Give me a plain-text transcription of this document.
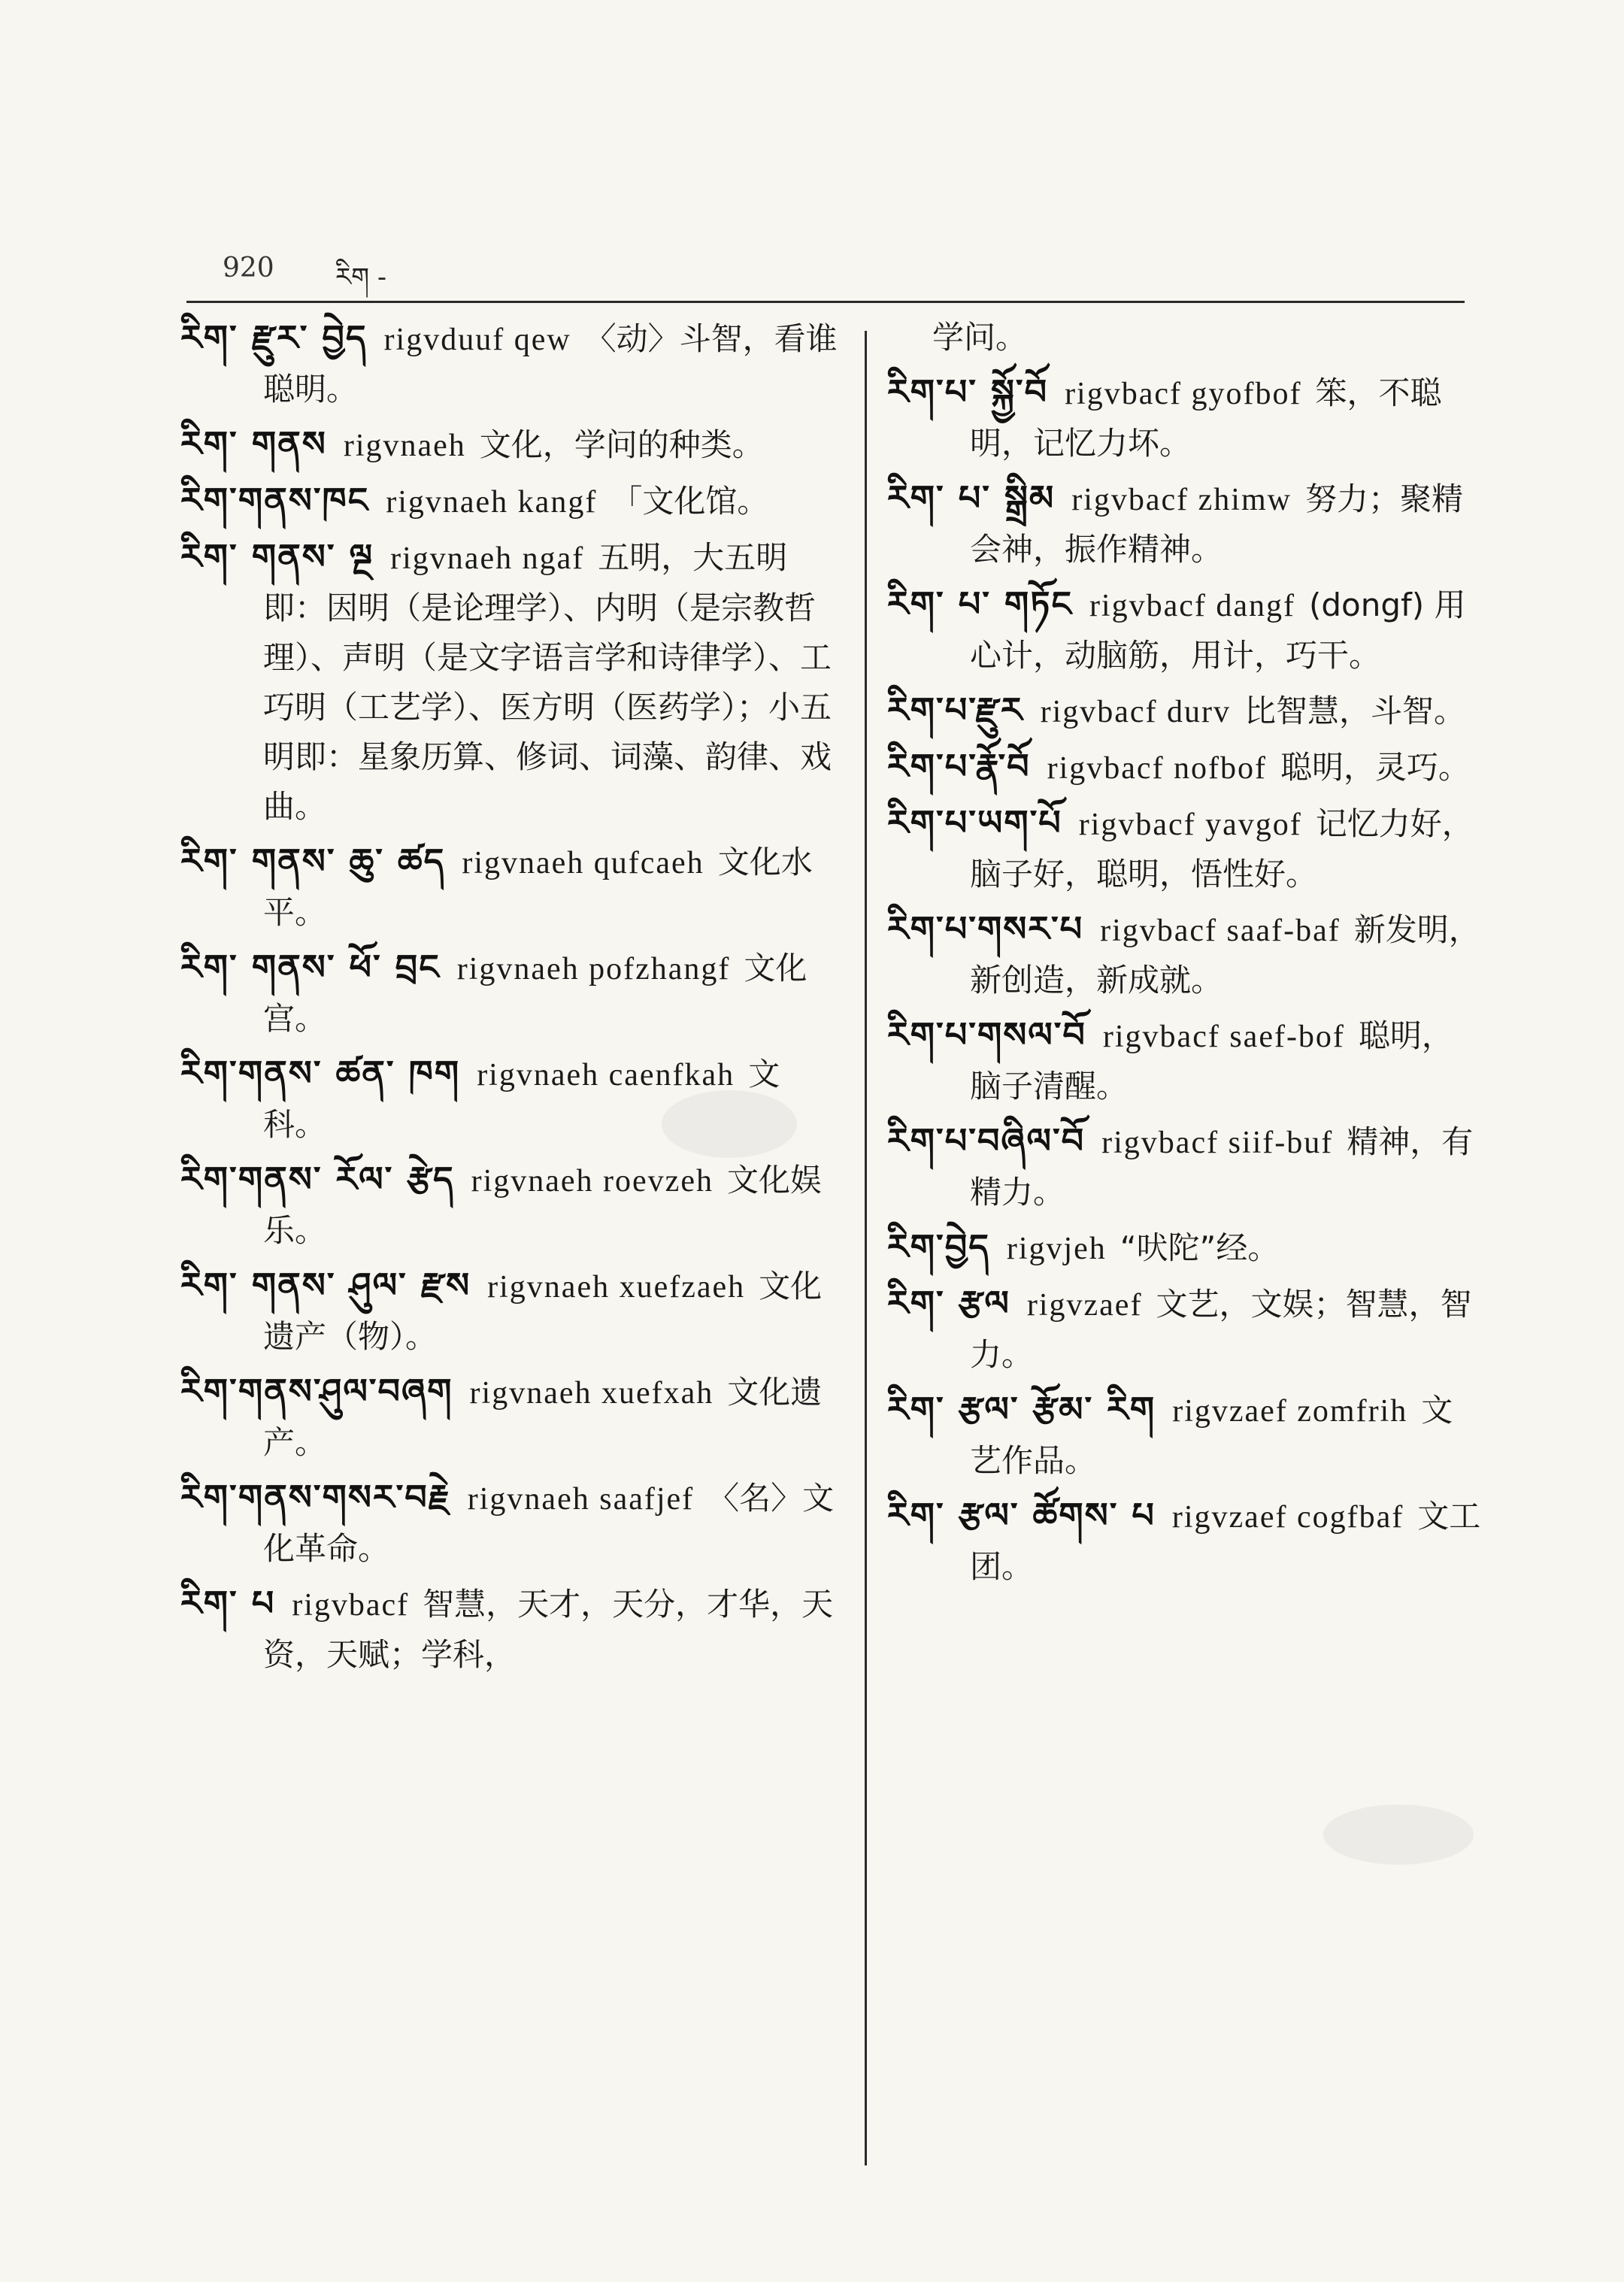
920 རིག -
རིག་ རྫུར་ བྱེད rigvduuf qew 〈动〉斗智，看谁聪明。
རིག་ གནས rigvnaeh 文化，学问的种类。
རིག་གནས་ཁང rigvnaeh kangf 「文化馆。
རིག་ གནས་ ལྔ rigvnaeh ngaf 五明，大五明即：因明（是论理学）、内明（是宗教哲理）、声明（是文字语言学和诗律学）、工巧明（工艺学）、医方明（医药学）；小五明即：星象历算、修词、词藻、韵律、戏曲。
རིག་ གནས་ ཆུ་ ཚད rigvnaeh qufcaeh 文化水平。
རིག་ གནས་ ཕོ་ བྲང rigvnaeh pofzhangf 文化宫。
རིག་གནས་ ཚན་ ཁག rigvnaeh caenfkah 文科。
རིག་གནས་ རོལ་ རྩེད rigvnaeh roevzeh 文化娱乐。
རིག་ གནས་ ཤུལ་ རྫས rigvnaeh xuefzaeh 文化遗产（物）。
རིག་གནས་ཤུལ་བཞག rigvnaeh xuefxah 文化遗产。
རིག་གནས་གསར་བརྗེ rigvnaeh saafjef 〈名〉文化革命。
རིག་ པ rigvbacf 智慧，天才，天分，才华，天资，天赋；学科，
学问。
རིག་པ་ སྐྱོ་བོ rigvbacf gyofbof 笨，不聪明，记忆力坏。
རིག་ པ་ སྒྲིམ rigvbacf zhimw 努力；聚精会神，振作精神。
རིག་ པ་ གཏོང rigvbacf dangf (dongf) 用心计，动脑筋，用计，巧干。
རིག་པ་རྫུར rigvbacf durv 比智慧，斗智。
རིག་པ་རྣོ་བོ rigvbacf nofbof 聪明，灵巧。
རིག་པ་ཡག་པོ rigvbacf yavgof 记忆力好，脑子好，聪明，悟性好。
རིག་པ་གསར་པ rigvbacf saaf-baf 新发明，新创造，新成就。
རིག་པ་གསལ་བོ rigvbacf saef-bof 聪明，脑子清醒。
རིག་པ་བཞིལ་བོ rigvbacf siif-buf 精神，有精力。
རིག་བྱེད rigvjeh “吠陀”经。
རིག་ རྩལ rigvzaef 文艺，文娱；智慧，智力。
རིག་ རྩལ་ རྩོམ་ རིག rigvzaef zomfrih 文艺作品。
རིག་ རྩལ་ ཚོགས་ པ rigvzaef cogfbaf 文工团。
